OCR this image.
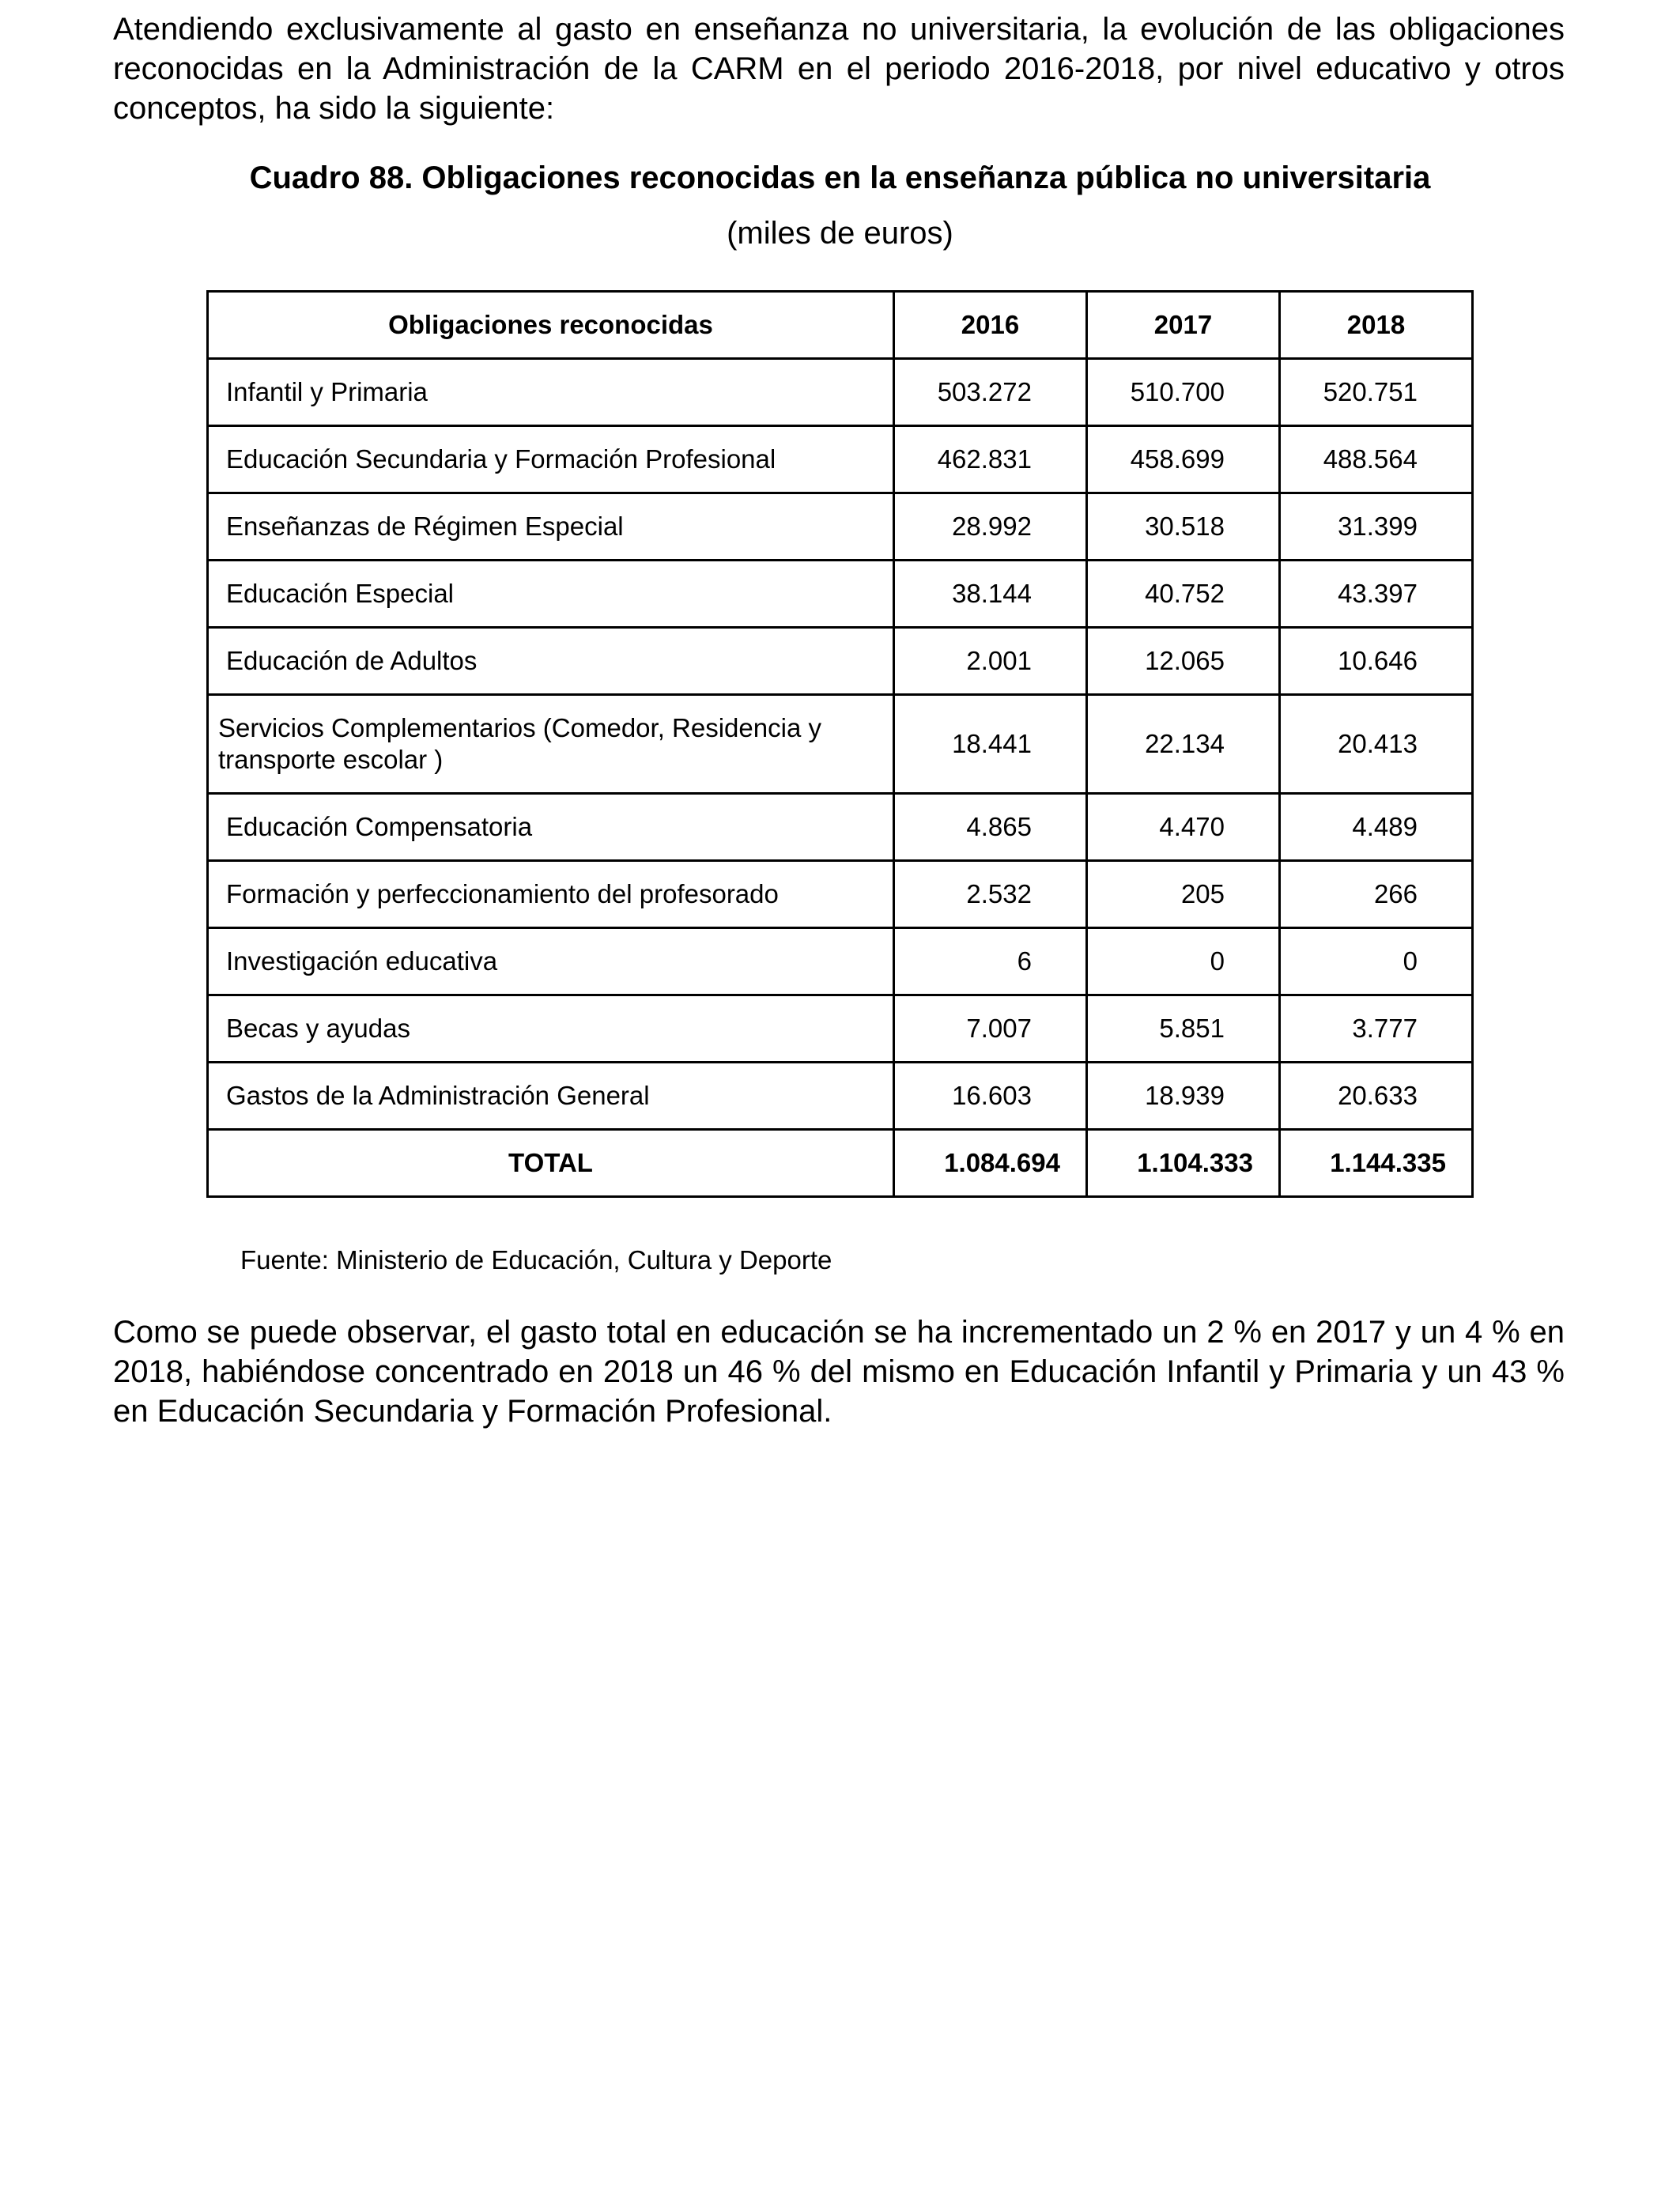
Atendiendo exclusivamente al gasto en enseñanza no universitaria, la evolución de las obligaciones reconocidas en la Administración de la CARM en el periodo 2016-2018, por nivel educativo y otros conceptos, ha sido la siguiente:

Cuadro 88. Obligaciones reconocidas en la enseñanza pública no universitaria

(miles de euros)

Obligaciones reconocidas	2016	2017	2018
Infantil y Primaria	503.272	510.700	520.751
Educación Secundaria y Formación Profesional	462.831	458.699	488.564
Enseñanzas de Régimen Especial	28.992	30.518	31.399
Educación Especial	38.144	40.752	43.397
Educación de Adultos	2.001	12.065	10.646
Servicios Complementarios (Comedor, Residencia y transporte escolar )	18.441	22.134	20.413
Educación Compensatoria	4.865	4.470	4.489
Formación y perfeccionamiento del profesorado	2.532	205	266
Investigación educativa	6	0	0
Becas y ayudas	7.007	5.851	3.777
Gastos de la Administración General	16.603	18.939	20.633
TOTAL	1.084.694	1.104.333	1.144.335

Fuente: Ministerio de Educación, Cultura y Deporte

Como se puede observar, el gasto total en educación se ha incrementado un 2 % en 2017 y un 4 % en 2018, habiéndose concentrado en 2018 un 46 % del mismo en Educación Infantil y Primaria y un 43 % en Educación Secundaria y Formación Profesional.
